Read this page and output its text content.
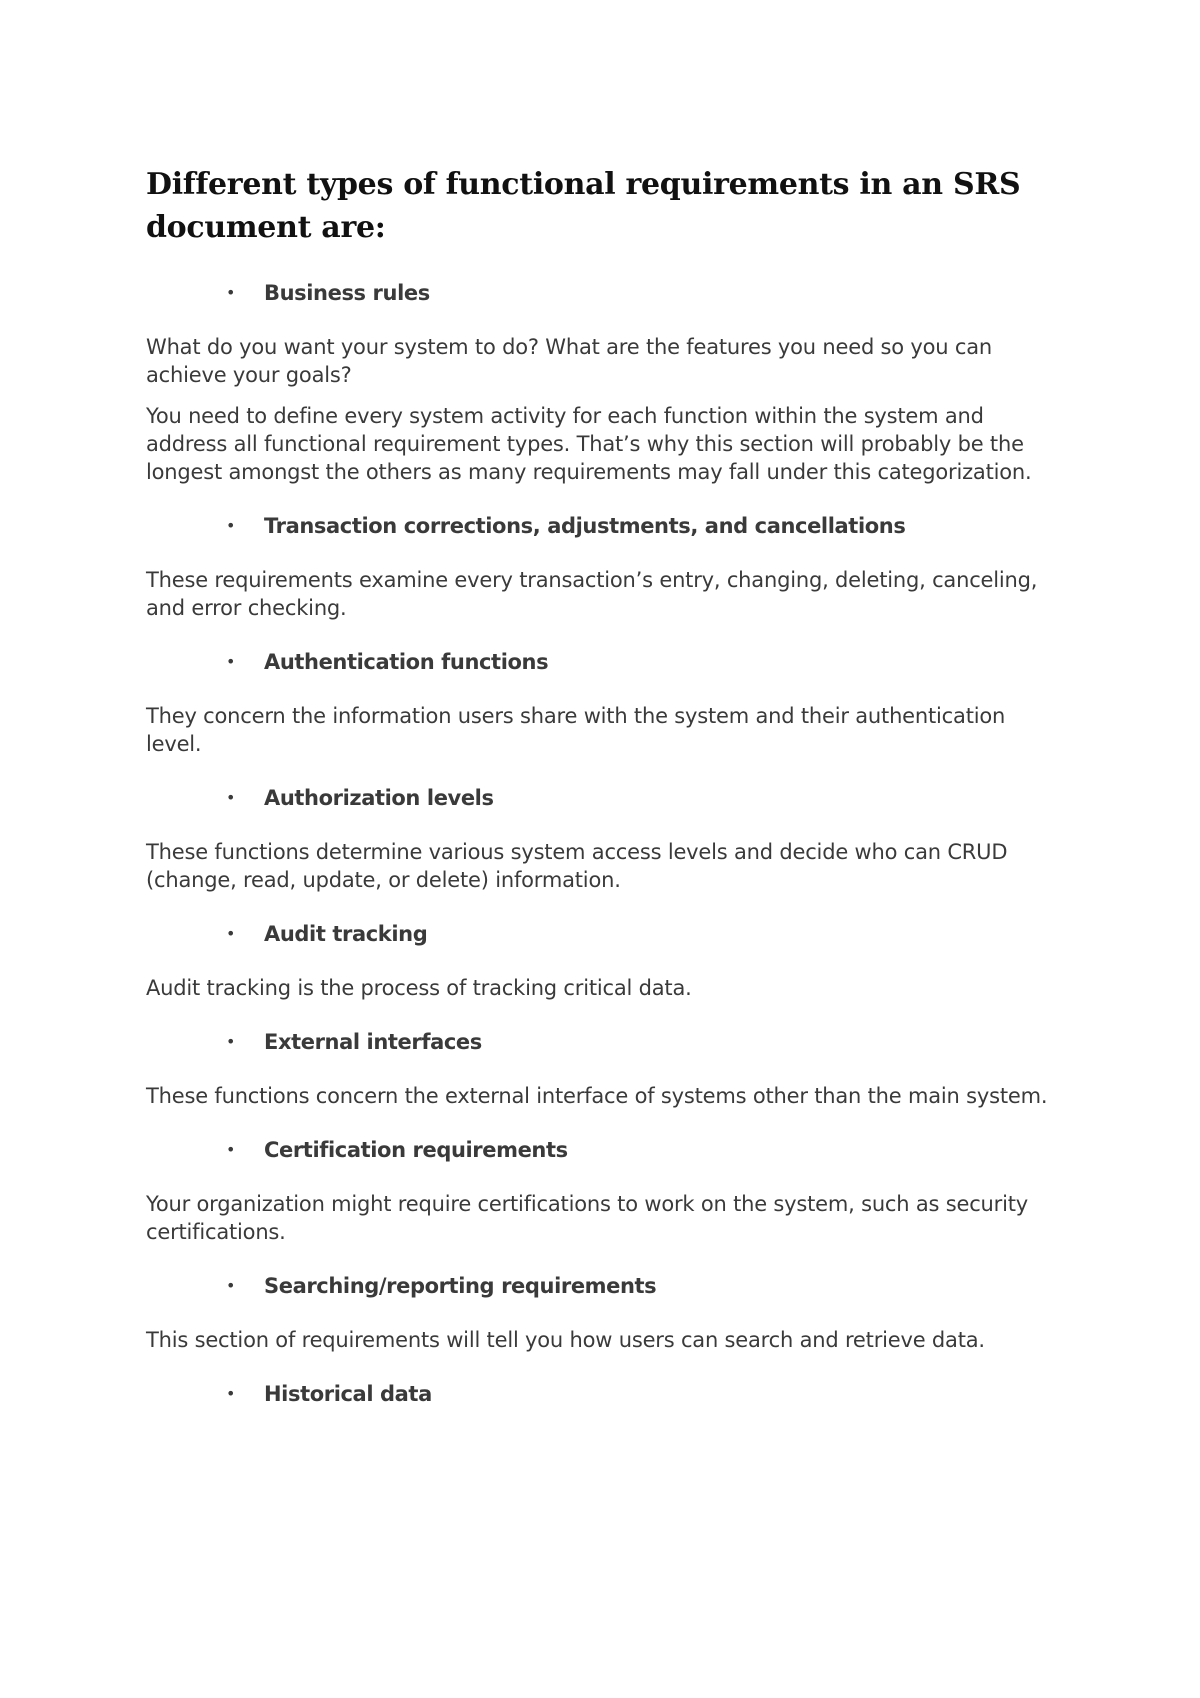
Different types of functional requirements in an SRS document are:
• Business rules

What do you want your system to do? What are the features you need so you can achieve your goals?

You need to define every system activity for each function within the system and address all functional requirement types. That’s why this section will probably be the longest amongst the others as many requirements may fall under this categorization.

• Transaction corrections, adjustments, and cancellations

These requirements examine every transaction’s entry, changing, deleting, canceling, and error checking.

• Authentication functions

They concern the information users share with the system and their authentication level.

• Authorization levels

These functions determine various system access levels and decide who can CRUD (change, read, update, or delete) information.

• Audit tracking

Audit tracking is the process of tracking critical data.

• External interfaces

These functions concern the external interface of systems other than the main system.

• Certification requirements

Your organization might require certifications to work on the system, such as security certifications.

• Searching/reporting requirements

This section of requirements will tell you how users can search and retrieve data.

• Historical data
